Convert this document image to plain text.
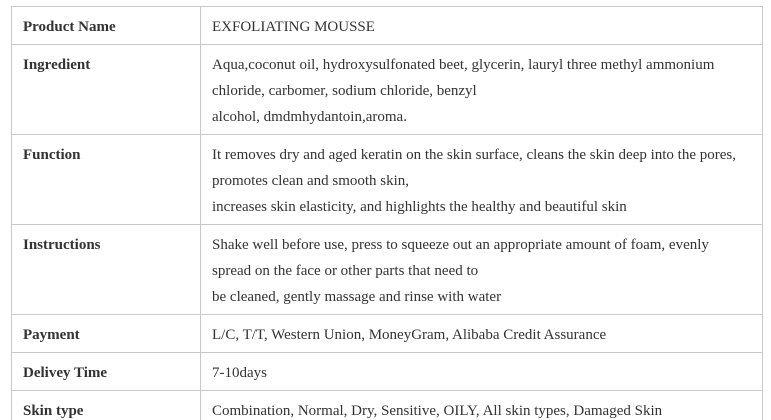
Product Name	EXFOLIATING MOUSSE

Ingredient	Aqua,coconut oil, hydroxysulfonated beet, glycerin, lauryl three methyl ammonium
chloride, carbomer, sodium chloride, benzyl
alcohol, dmdmhydantoin,aroma.

Function	It removes dry and aged keratin on the skin surface, cleans the skin deep into the pores,
promotes clean and smooth skin,
increases skin elasticity, and highlights the healthy and beautiful skin

Instructions	Shake well before use, press to squeeze out an appropriate amount of foam, evenly
spread on the face or other parts that need to
be cleaned, gently massage and rinse with water

Payment	L/C, T/T, Western Union, MoneyGram, Alibaba Credit Assurance

Delivey Time	7-10days

Skin type	Combination, Normal, Dry, Sensitive, OILY, All skin types, Damaged Skin
